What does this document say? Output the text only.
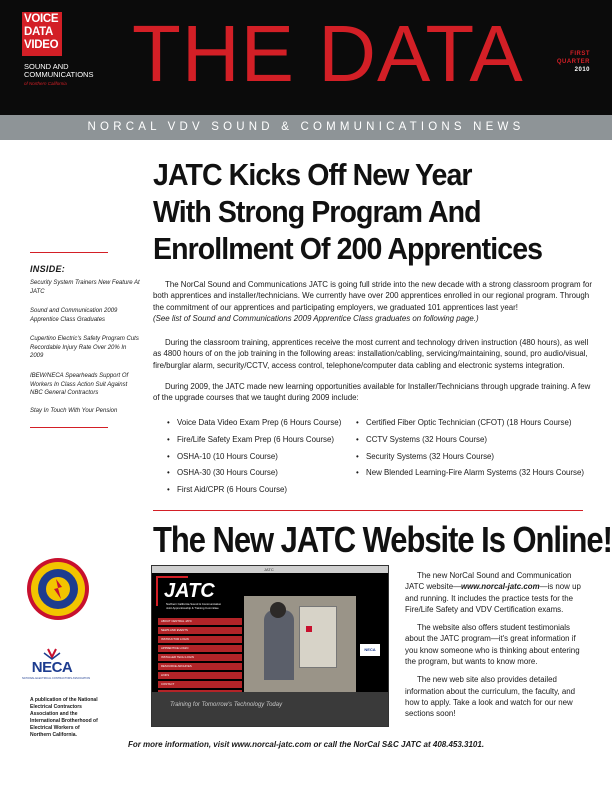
VOICE
DATA
VIDEO
SOUND AND
COMMUNICATIONS
of Northern California THE DATA	FIRST
QUARTER
2010
NORCAL VDV SOUND & COMMUNICATIONS NEWS
JATC Kicks Off New Year
With Strong Program And
Enrollment Of 200 Apprentices
INSIDE:
Security System Trainers New Feature At JATC
Sound and Communication 2009 Apprentice Class Graduates
Cupertino Electric's Safety Program Cuts Recordable Injury Rate Over 20% In 2009
IBEW/NECA Spearheads Support Of Workers In Class Action Suit Against NBC General Contractors
Stay In Touch With Your Pension

The NorCal Sound and Communications JATC is going full stride into the new decade with a strong classroom program for both apprentices and installer/technicians. We currently have over 200 apprentices enrolled in our regional program. Through the commitment of our apprentices and participating employers, we graduated 101 apprentices last year!

(See list of Sound and Communications 2009 Apprentice Class graduates on following page.)

During the classroom training, apprentices receive the most current and technology driven instruction (480 hours), as well as 4800 hours of on the job training in the following areas: installation/cabling, servicing/maintaining, sound, pro audio/visual, fire/burglar alarm, security/CCTV, access control, telephone/computer data cabling and electronic systems integration.

During 2009, the JATC made new learning opportunities available for Installer/Technicians through upgrade training. A few of the upgrade courses that we taught during 2009 include:

• Voice Data Video Exam Prep (6 Hours Course)
• Fire/Life Safety Exam Prep (6 Hours Course)
• OSHA-10 (10 Hours Course)
• OSHA-30 (30 Hours Course)
• First Aid/CPR (6 Hours Course)
• Certified Fiber Optic Technician (CFOT) (18 Hours Course)
• CCTV Systems (32 Hours Course)
• Security Systems (32 Hours Course)
• New Blended Learning-Fire Alarm Systems (32 Hours Course)
The New JATC Website Is Online!
NECA
NATIONAL ELECTRICAL CONTRACTORS ASSOCIATION
A publication of the National Electrical Contractors Association and the International Brotherhood of Electrical Workers of Northern California.
JATC
JATC
Northern California Sound & Communication
Joint Apprenticeship & Training Committee
ABOUT CENTRAL JATC
NEWS AND EVENTS
INSTRUCTOR LOGIN
APPRENTICE LOGIN
INSTALLER TECH LOGIN
RESOURCE ARCHIVES
LINKS
CONTACT
NECA
Training for Tomorrow's Technology Today

The new NorCal Sound and Communication JATC website—www.norcal-jatc.com—is now up and running. It includes the practice tests for the Fire/Life Safety and VDV Certification exams.

The website also offers student testimonials about the JATC program—it's great information if you know someone who is thinking about entering the program, but wants to know more.

The new web site also provides detailed information about the curriculum, the faculty, and how to apply. Take a look and watch for our new sections soon!

For more information, visit www.norcal-jatc.com or call the NorCal S&C JATC at 408.453.3101.
